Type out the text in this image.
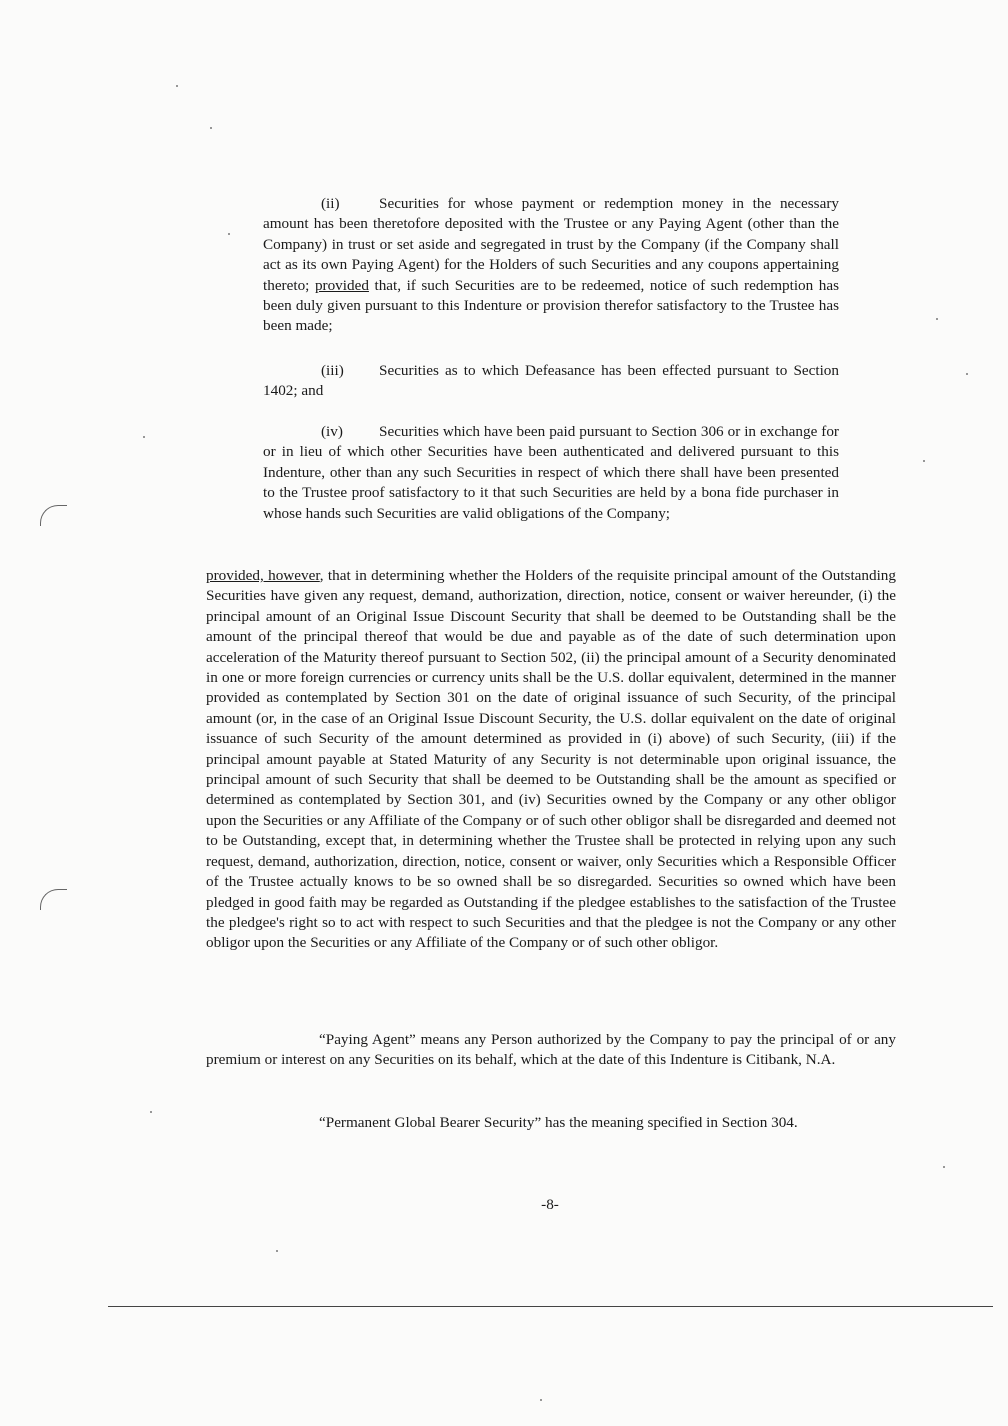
(ii)	Securities for whose payment or redemption money in the necessary amount has been theretofore deposited with the Trustee or any Paying Agent (other than the Company) in trust or set aside and segregated in trust by the Company (if the Company shall act as its own Paying Agent) for the Holders of such Securities and any coupons appertaining thereto; provided that, if such Securities are to be redeemed, notice of such redemption has been duly given pursuant to this Indenture or provision therefor satisfactory to the Trustee has been made;

(iii) Securities as to which Defeasance has been effected pursuant to Section 1402; and

(iv) Securities which have been paid pursuant to Section 306 or in exchange for or in lieu of which other Securities have been authenticated and delivered pursuant to this Indenture, other than any such Securities in respect of which there shall have been presented to the Trustee proof satisfactory to it that such Securities are held by a bona fide purchaser in whose hands such Securities are valid obligations of the Company;

provided, however, that in determining whether the Holders of the requisite principal amount of the Outstanding Securities have given any request, demand, authorization, direction, notice, consent or waiver hereunder, (i) the principal amount of an Original Issue Discount Security that shall be deemed to be Outstanding shall be the amount of the principal thereof that would be due and payable as of the date of such determination upon acceleration of the Maturity thereof pursuant to Section 502, (ii) the principal amount of a Security denominated in one or more foreign currencies or currency units shall be the U.S. dollar equivalent, determined in the manner provided as contemplated by Section 301 on the date of original issuance of such Security, of the principal amount (or, in the case of an Original Issue Discount Security, the U.S. dollar equivalent on the date of original issuance of such Security of the amount determined as provided in (i) above) of such Security, (iii) if the principal amount payable at Stated Maturity of any Security is not determinable upon original issuance, the principal amount of such Security that shall be deemed to be Outstanding shall be the amount as specified or determined as contemplated by Section 301, and (iv) Securities owned by the Company or any other obligor upon the Securities or any Affiliate of the Company or of such other obligor shall be disregarded and deemed not to be Outstanding, except that, in determining whether the Trustee shall be protected in relying upon any such request, demand, authorization, direction, notice, consent or waiver, only Securities which a Responsible Officer of the Trustee actually knows to be so owned shall be so disregarded. Securities so owned which have been pledged in good faith may be regarded as Outstanding if the pledgee establishes to the satisfaction of the Trustee the pledgee's right so to act with respect to such Securities and that the pledgee is not the Company or any other obligor upon the Securities or any Affiliate of the Company or of such other obligor.

“Paying Agent” means any Person authorized by the Company to pay the principal of or any premium or interest on any Securities on its behalf, which at the date of this Indenture is Citibank, N.A.

“Permanent Global Bearer Security” has the meaning specified in Section 304.

-8-
